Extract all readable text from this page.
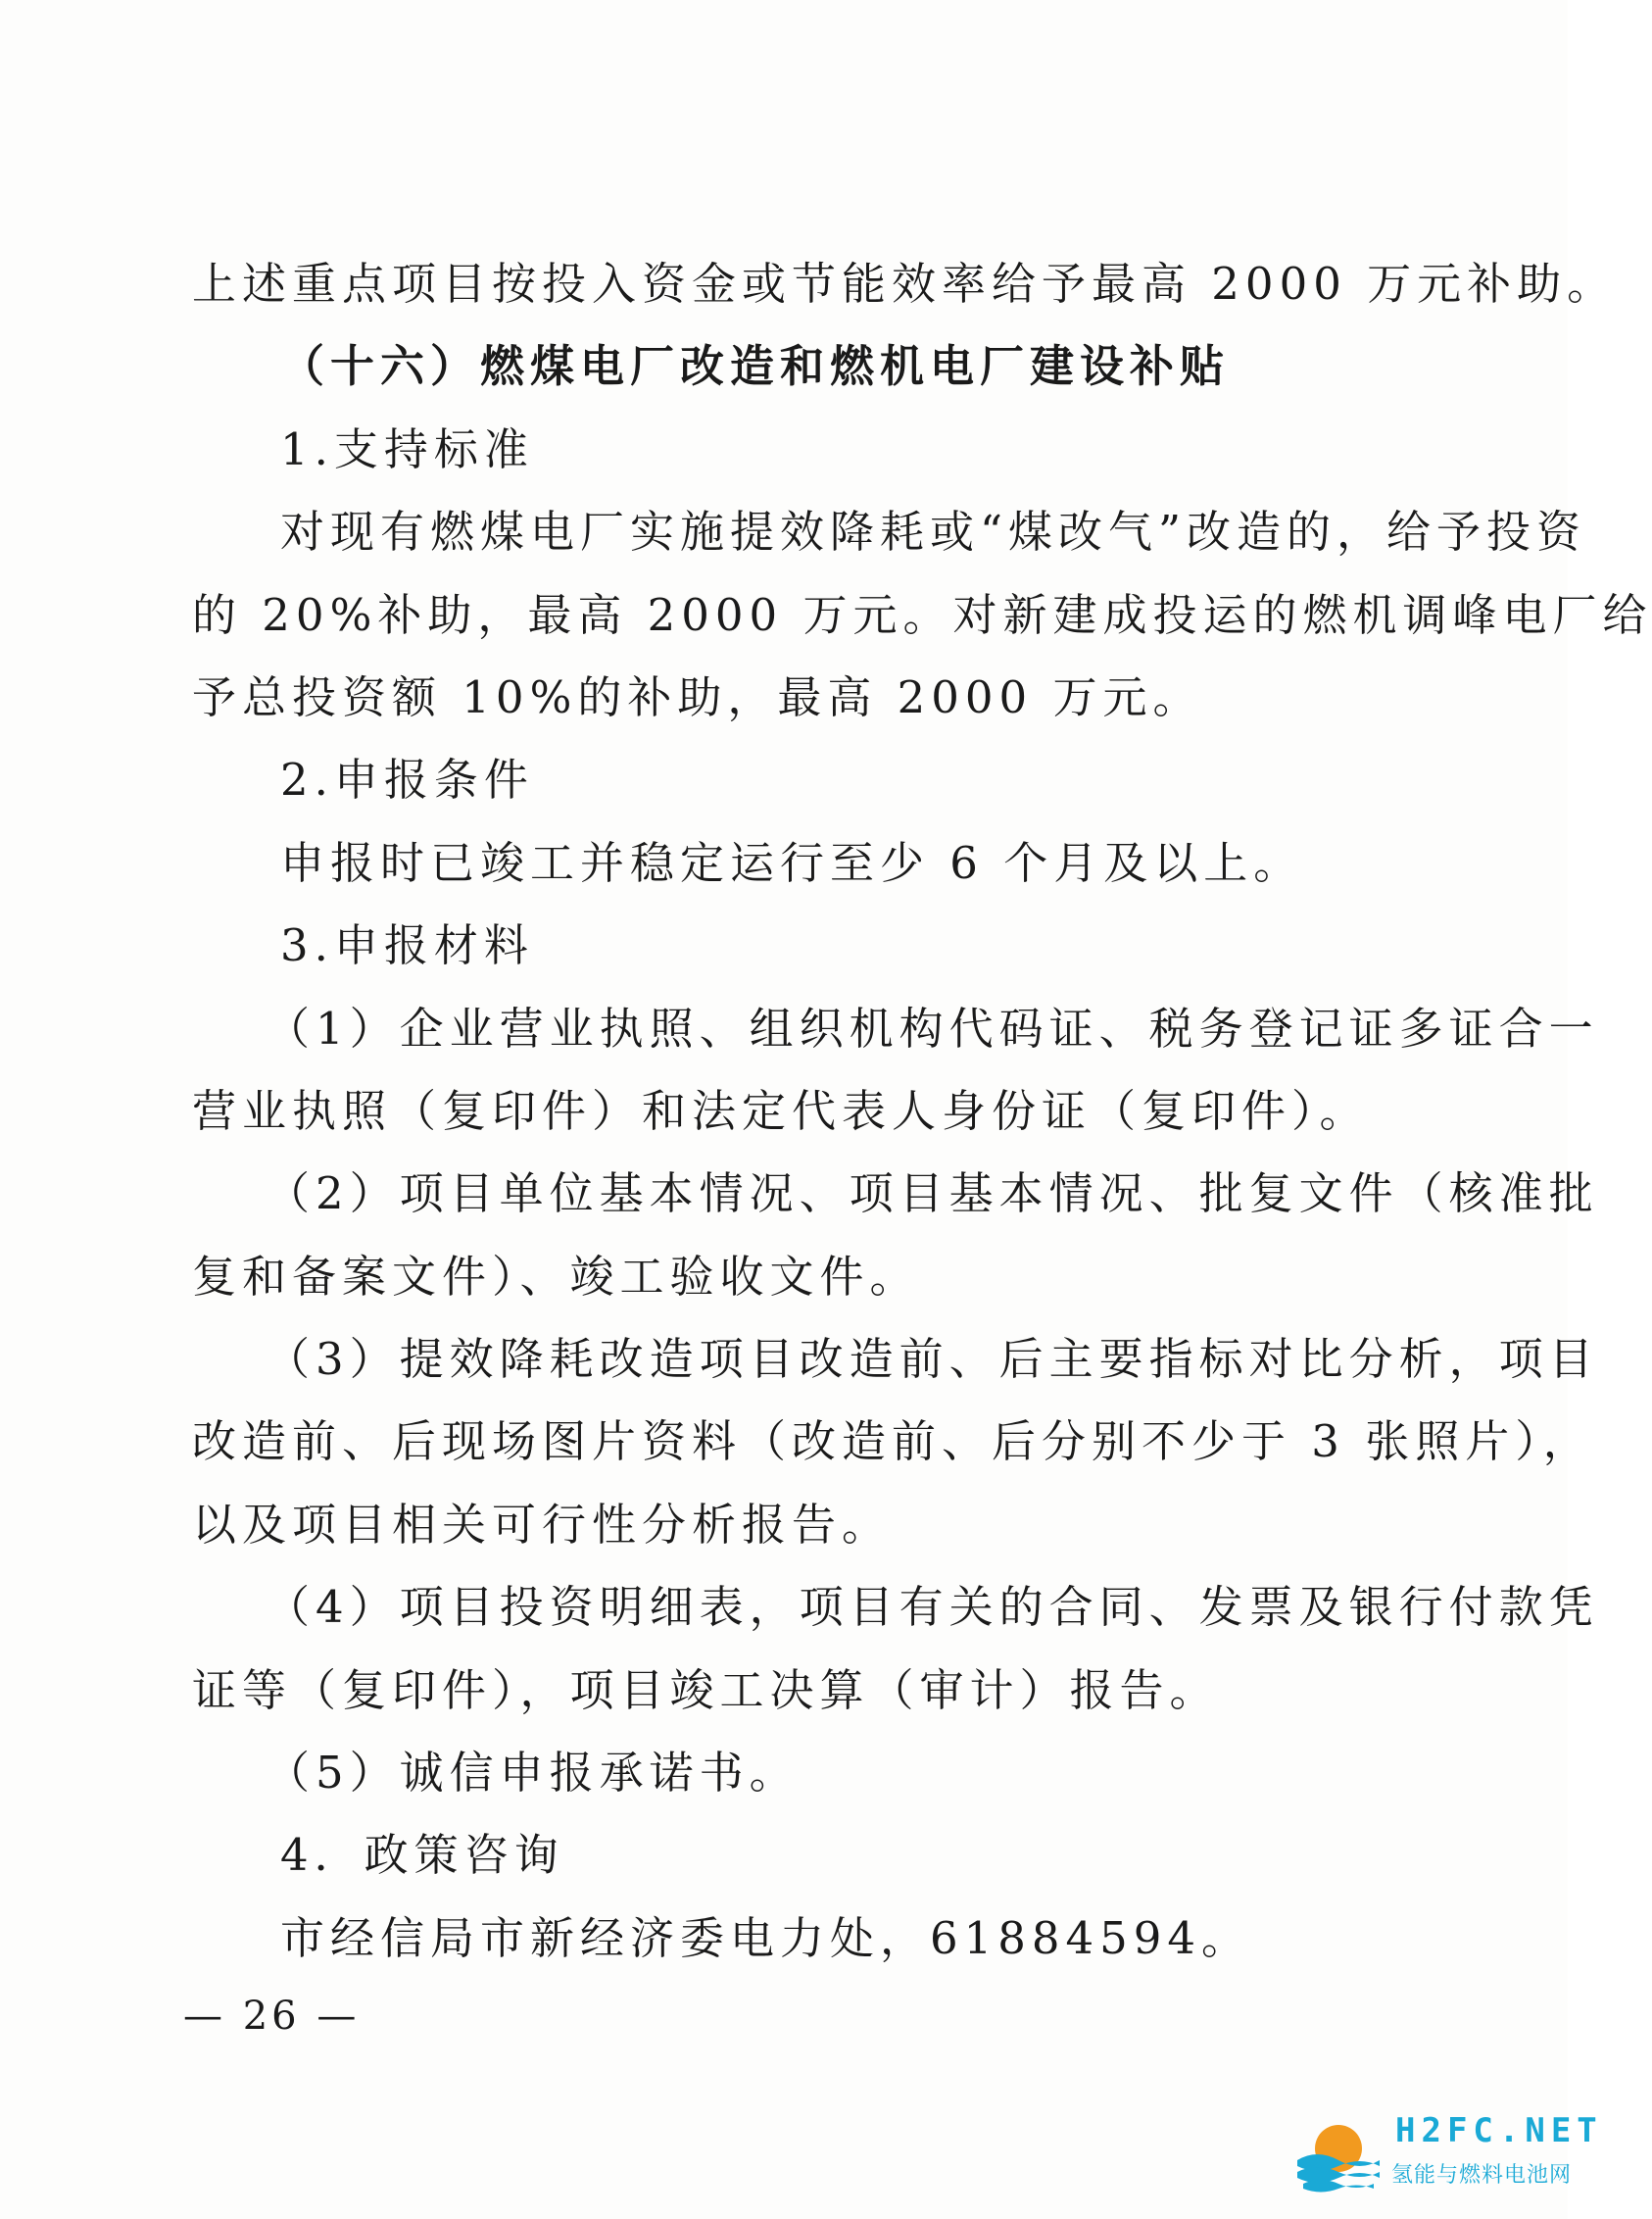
上述重点项目按投入资金或节能效率给予最高 2000 万元补助。
（十六）燃煤电厂改造和燃机电厂建设补贴
1.支持标准
对现有燃煤电厂实施提效降耗或“煤改气”改造的，给予投资
的 20%补助，最高 2000 万元。对新建成投运的燃机调峰电厂给
予总投资额 10%的补助，最高 2000 万元。
2.申报条件
申报时已竣工并稳定运行至少 6 个月及以上。
3.申报材料
（1）企业营业执照、组织机构代码证、税务登记证多证合一
营业执照（复印件）和法定代表人身份证（复印件）。
（2）项目单位基本情况、项目基本情况、批复文件（核准批
复和备案文件）、竣工验收文件。
（3）提效降耗改造项目改造前、后主要指标对比分析，项目
改造前、后现场图片资料（改造前、后分别不少于 3 张照片），
以及项目相关可行性分析报告。
（4）项目投资明细表，项目有关的合同、发票及银行付款凭
证等（复印件），项目竣工决算（审计）报告。
（5）诚信申报承诺书。
4．政策咨询
市经信局市新经济委电力处，61884594。
— 26 —
H2FC.NET
氢能与燃料电池网
